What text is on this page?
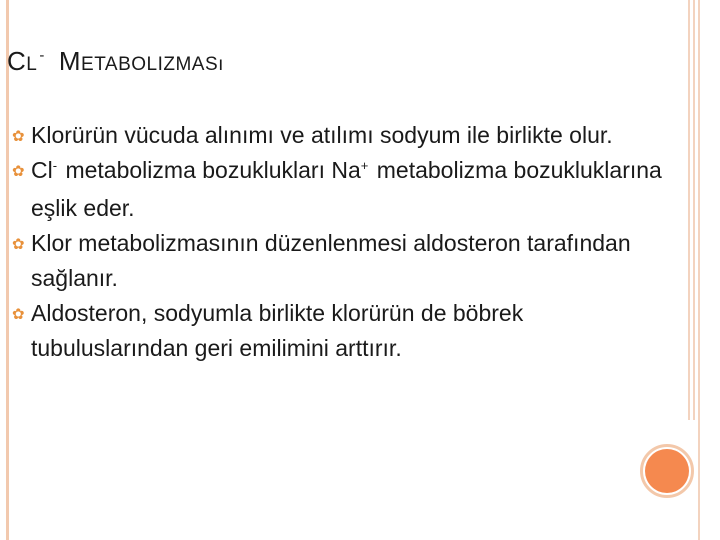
CL - METABOLIZMASı
✿ Klorürün vücuda alınımı ve atılımı sodyum ile birlikte olur.
✿ Cl- metabolizma bozuklukları Na+ metabolizma bozukluklarına eşlik eder.
✿ Klor metabolizmasının düzenlenmesi aldosteron tarafından sağlanır.
✿ Aldosteron, sodyumla birlikte klorürün de böbrek tubuluslarından geri emilimini arttırır.
